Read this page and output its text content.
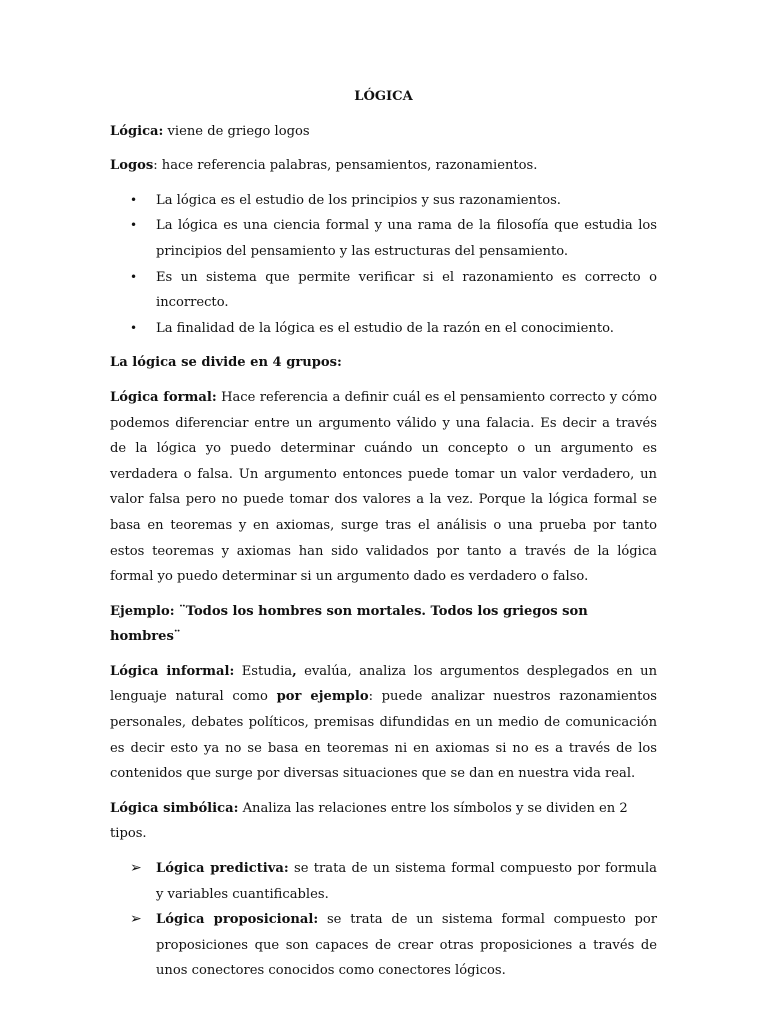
LÓGICA

Lógica: viene de griego logos

Logos: hace referencia palabras, pensamientos, razonamientos.

• La lógica es el estudio de los principios y sus razonamientos.
• La lógica es una ciencia formal y una rama de la filosofía que estudia los principios del pensamiento y las estructuras del pensamiento.
• Es un sistema que permite verificar si el razonamiento es correcto o incorrecto.
• La finalidad de la lógica es el estudio de la razón en el conocimiento.

La lógica se divide en 4 grupos:

Lógica formal: Hace referencia a definir cuál es el pensamiento correcto y cómo podemos diferenciar entre un argumento válido y una falacia. Es decir a través de la lógica yo puedo determinar cuándo un concepto o un argumento es verdadera o falsa. Un argumento entonces puede tomar un valor verdadero, un valor falsa pero no puede tomar dos valores a la vez. Porque la lógica formal se basa en teoremas y en axiomas, surge tras el análisis o una prueba por tanto estos teoremas y axiomas han sido validados por tanto a través de la lógica formal yo puedo determinar si un argumento dado es verdadero o falso.

Ejemplo: ¨Todos los hombres son mortales. Todos los griegos son hombres¨

Lógica informal: Estudia, evalúa, analiza los argumentos desplegados en un lenguaje natural como por ejemplo: puede analizar nuestros razonamientos personales, debates políticos, premisas difundidas en un medio de comunicación es decir esto ya no se basa en teoremas ni en axiomas si no es a través de los contenidos que surge por diversas situaciones que se dan en nuestra vida real.

Lógica simbólica: Analiza las relaciones entre los símbolos y se dividen en 2 tipos.

➢ Lógica predictiva: se trata de un sistema formal compuesto por formula y variables cuantificables.
➢ Lógica proposicional: se trata de un sistema formal compuesto por proposiciones que son capaces de crear otras proposiciones a través de unos conectores conocidos como conectores lógicos.
